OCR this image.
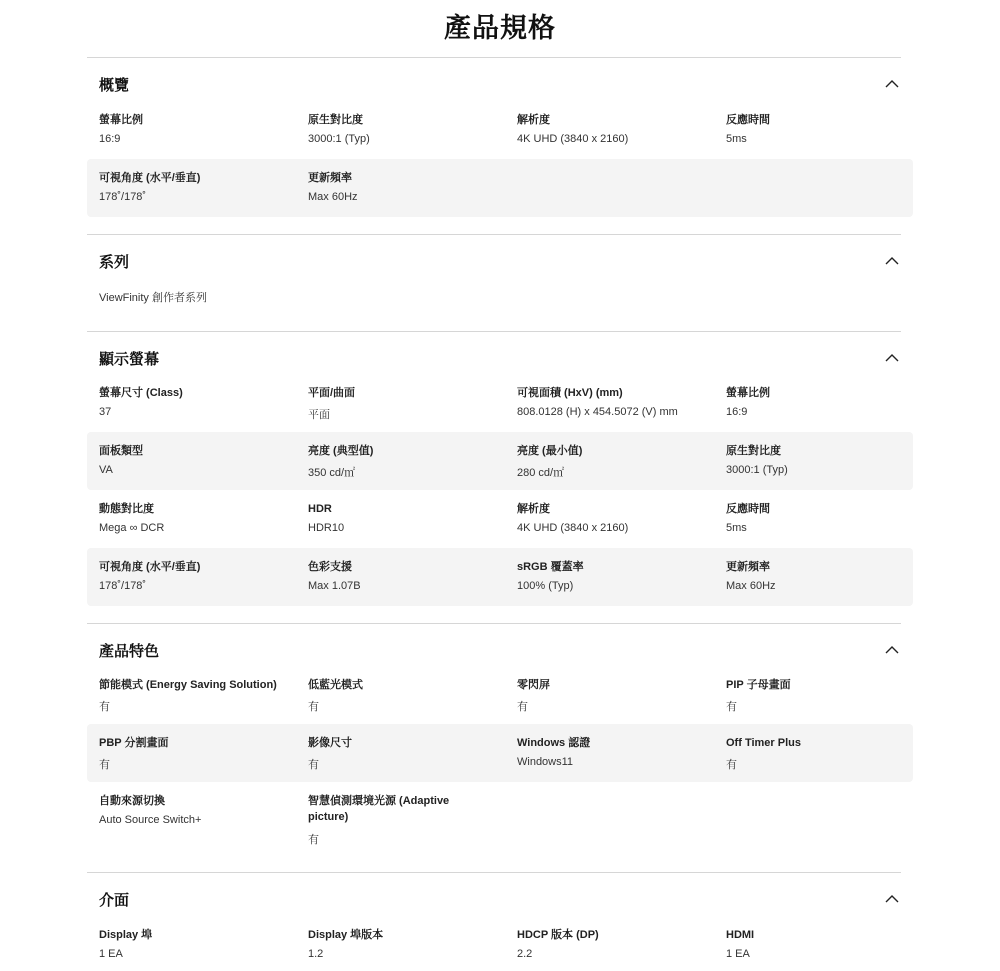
產品規格
概覽
螢幕比例
16:9
原生對比度
3000:1 (Typ)
解析度
4K UHD (3840 x 2160)
反應時間
5ms
可視角度 (水平/垂直)
178˚/178˚
更新頻率
Max 60Hz
系列
ViewFinity 創作者系列
顯示螢幕
螢幕尺寸 (Class)
37
平面/曲面
平面
可視面積 (HxV) (mm)
808.0128 (H) x 454.5072 (V) mm
螢幕比例
16:9
面板類型
VA
亮度 (典型值)
350 cd/㎡
亮度 (最小值)
280 cd/㎡
原生對比度
3000:1 (Typ)
動態對比度
Mega ∞ DCR
HDR
HDR10
解析度
4K UHD (3840 x 2160)
反應時間
5ms
可視角度 (水平/垂直)
178˚/178˚
色彩支援
Max 1.07B
sRGB 覆蓋率
100% (Typ)
更新頻率
Max 60Hz
產品特色
節能模式 (Energy Saving Solution)
有
低藍光模式
有
零閃屏
有
PIP 子母畫面
有
PBP 分割畫面
有
影像尺寸
有
Windows 認證
Windows11
Off Timer Plus
有
自動來源切換
Auto Source Switch+
智慧偵測環境光源 (Adaptive picture)
有
介面
Display 埠
1 EA
Display 埠版本
1.2
HDCP 版本 (DP)
2.2
HDMI
1 EA
